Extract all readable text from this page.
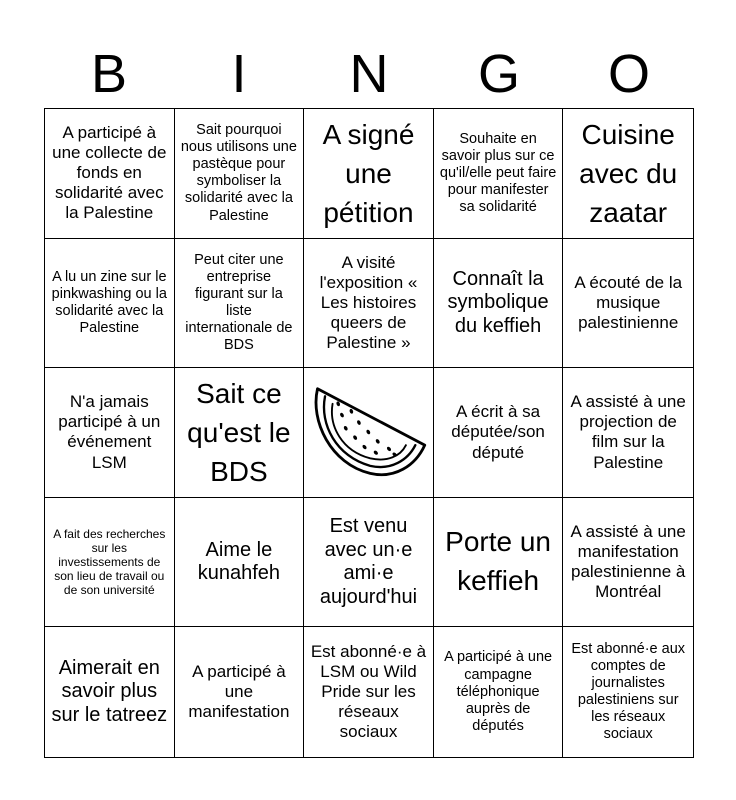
B	I	N	G	O
A participé à une collecte de fonds en solidarité avec la Palestine
Sait pourquoi nous utilisons une pastèque pour symboliser la solidarité avec la Palestine
A signé une pétition
Souhaite en savoir plus sur ce qu'il/elle peut faire pour manifester sa solidarité
Cuisine avec du zaatar
A lu un zine sur le pinkwashing ou la solidarité avec la Palestine
Peut citer une entreprise figurant sur la liste internationale de BDS
A visité l'exposition « Les histoires queers de Palestine »
Connaît la symbolique du keffieh
A écouté de la musique palestinienne
N'a jamais participé à un événement LSM
Sait ce qu'est le BDS
A écrit à sa députée/son député
A assisté à une projection de film sur la Palestine
A fait des recherches sur les investissements de son lieu de travail ou de son université
Aime le kunahfeh
Est venu avec un·e ami·e aujourd'hui
Porte un keffieh
A assisté à une manifestation palestinienne à Montréal
Aimerait en savoir plus sur le tatreez
A participé à une manifestation
Est abonné·e à LSM ou Wild Pride sur les réseaux sociaux
A participé à une campagne téléphonique auprès de députés
Est abonné·e aux comptes de journalistes palestiniens sur les réseaux sociaux
